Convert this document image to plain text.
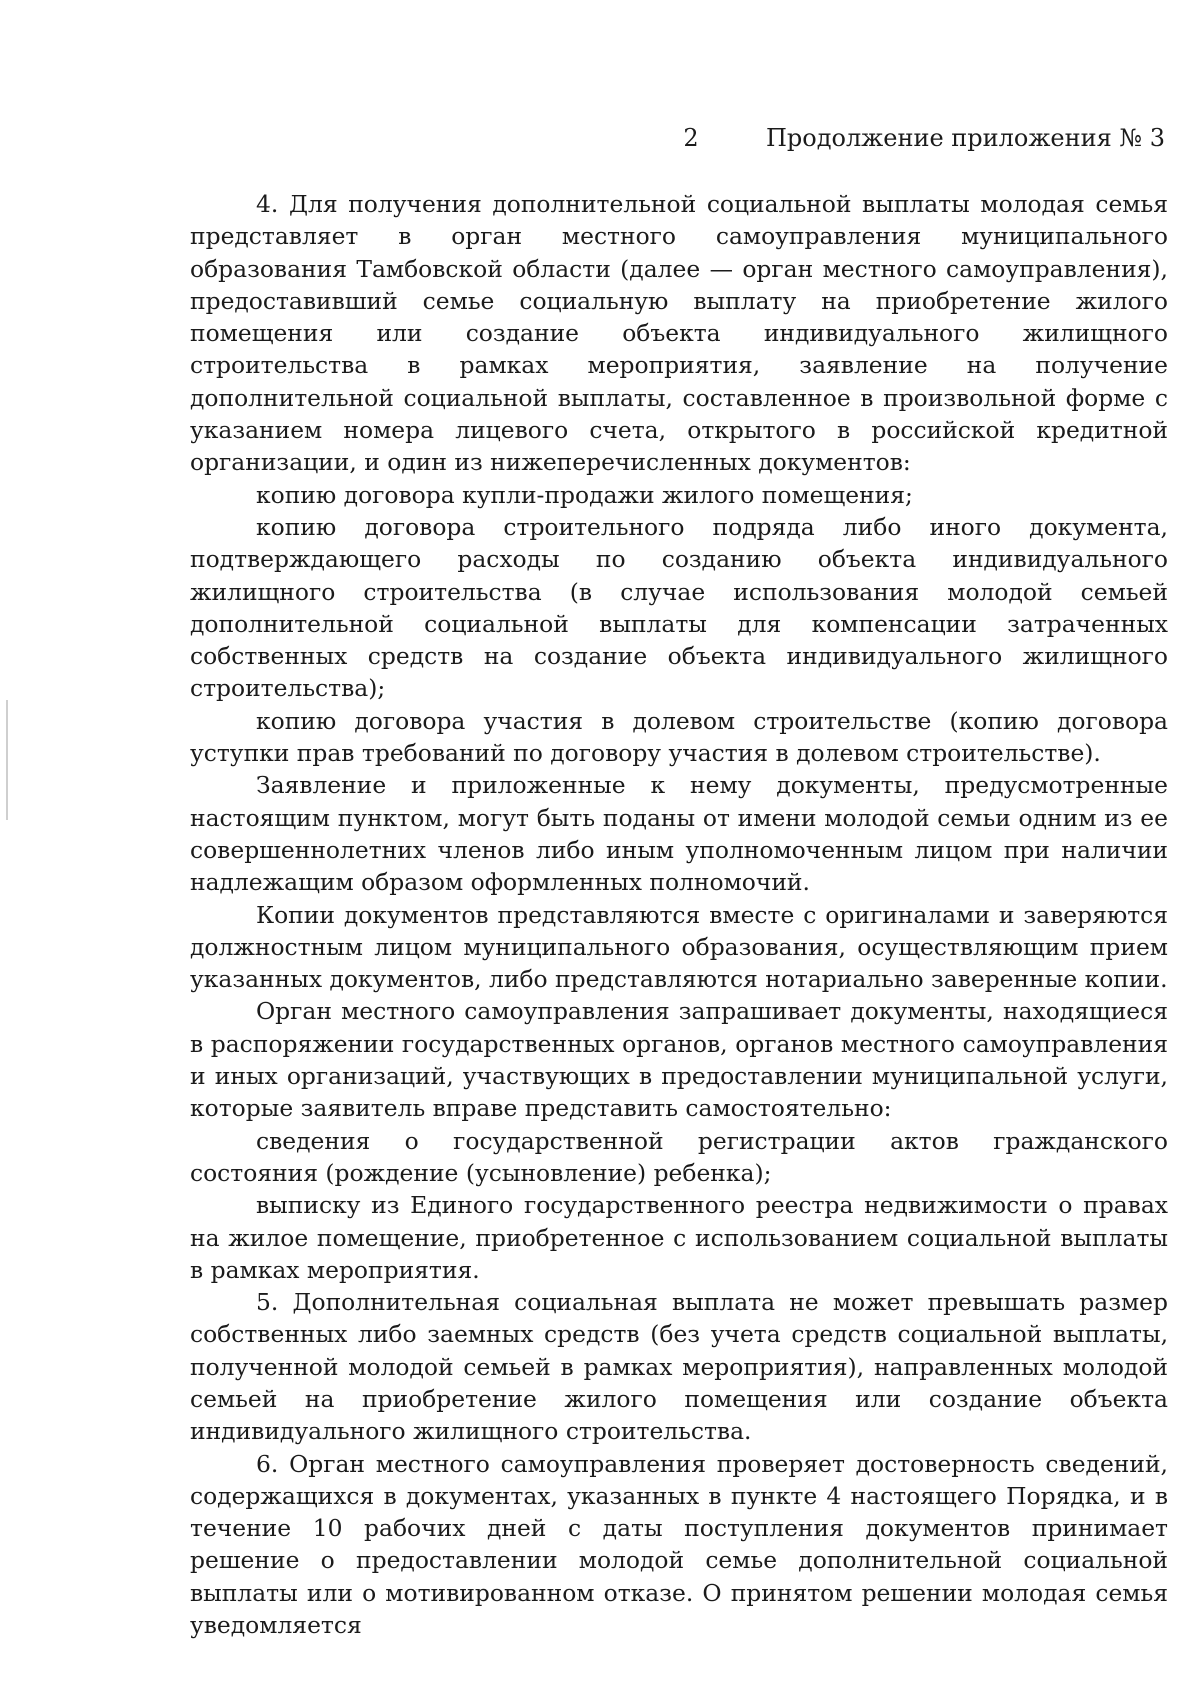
2	Продолжение приложения № 3

4. Для получения дополнительной социальной выплаты молодая семья представляет в орган местного самоуправления муниципального образования Тамбовской области (далее — орган местного самоуправления), предоставивший семье социальную выплату на приобретение жилого помещения или создание объекта индивидуального жилищного строительства в рамках мероприятия, заявление на получение дополнительной социальной выплаты, составленное в произвольной форме с указанием номера лицевого счета, открытого в российской кредитной организации, и один из нижеперечисленных документов:

копию договора купли-продажи жилого помещения;

копию договора строительного подряда либо иного документа, подтверждающего расходы по созданию объекта индивидуального жилищного строительства (в случае использования молодой семьей дополнительной социальной выплаты для компенсации затраченных собственных средств на создание объекта индивидуального жилищного строительства);

копию договора участия в долевом строительстве (копию договора уступки прав требований по договору участия в долевом строительстве).

Заявление и приложенные к нему документы, предусмотренные настоящим пунктом, могут быть поданы от имени молодой семьи одним из ее совершеннолетних членов либо иным уполномоченным лицом при наличии надлежащим образом оформленных полномочий.

Копии документов представляются вместе с оригиналами и заверяются должностным лицом муниципального образования, осуществляющим прием указанных документов, либо представляются нотариально заверенные копии.

Орган местного самоуправления запрашивает документы, находящиеся в распоряжении государственных органов, органов местного самоуправления и иных организаций, участвующих в предоставлении муниципальной услуги, которые заявитель вправе представить самостоятельно:

сведения о государственной регистрации актов гражданского состояния (рождение (усыновление) ребенка);

выписку из Единого государственного реестра недвижимости о правах на жилое помещение, приобретенное с использованием социальной выплаты в рамках мероприятия.

5. Дополнительная социальная выплата не может превышать размер собственных либо заемных средств (без учета средств социальной выплаты, полученной молодой семьей в рамках мероприятия), направленных молодой семьей на приобретение жилого помещения или создание объекта индивидуального жилищного строительства.

6. Орган местного самоуправления проверяет достоверность сведений, содержащихся в документах, указанных в пункте 4 настоящего Порядка, и в течение 10 рабочих дней с даты поступления документов принимает решение о предоставлении молодой семье дополнительной социальной выплаты или о мотивированном отказе. О принятом решении молодая семья уведомляется
